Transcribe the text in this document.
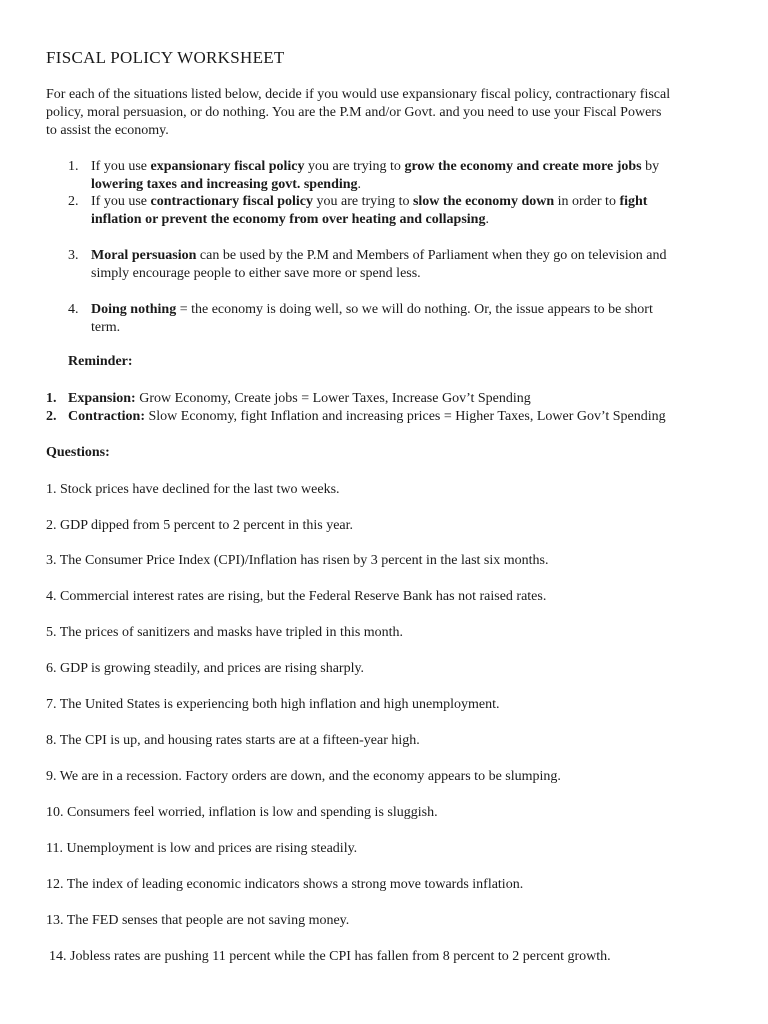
FISCAL POLICY WORKSHEET
For each of the situations listed below, decide if you would use expansionary fiscal policy, contractionary fiscal
policy, moral persuasion, or do nothing. You are the P.M and/or Govt. and you need to use your Fiscal Powers
to assist the economy.
1. If you use expansionary fiscal policy you are trying to grow the economy and create more jobs by
lowering taxes and increasing govt. spending.
2. If you use contractionary fiscal policy you are trying to slow the economy down in order to fight
inflation or prevent the economy from over heating and collapsing.
3. Moral persuasion can be used by the P.M and Members of Parliament when they go on television and
simply encourage people to either save more or spend less.
4. Doing nothing = the economy is doing well, so we will do nothing. Or, the issue appears to be short
term.
Reminder:
1. Expansion: Grow Economy, Create jobs = Lower Taxes, Increase Gov’t Spending
2. Contraction: Slow Economy, fight Inflation and increasing prices = Higher Taxes, Lower Gov’t Spending
Questions:
1. Stock prices have declined for the last two weeks.
2. GDP dipped from 5 percent to 2 percent in this year.
3. The Consumer Price Index (CPI)/Inflation has risen by 3 percent in the last six months.
4. Commercial interest rates are rising, but the Federal Reserve Bank has not raised rates.
5. The prices of sanitizers and masks have tripled in this month.
6. GDP is growing steadily, and prices are rising sharply.
7. The United States is experiencing both high inflation and high unemployment.
8. The CPI is up, and housing rates starts are at a fifteen-year high.
9. We are in a recession. Factory orders are down, and the economy appears to be slumping.
10. Consumers feel worried, inflation is low and spending is sluggish.
11. Unemployment is low and prices are rising steadily.
12. The index of leading economic indicators shows a strong move towards inflation.
13. The FED senses that people are not saving money.
14. Jobless rates are pushing 11 percent while the CPI has fallen from 8 percent to 2 percent growth.
